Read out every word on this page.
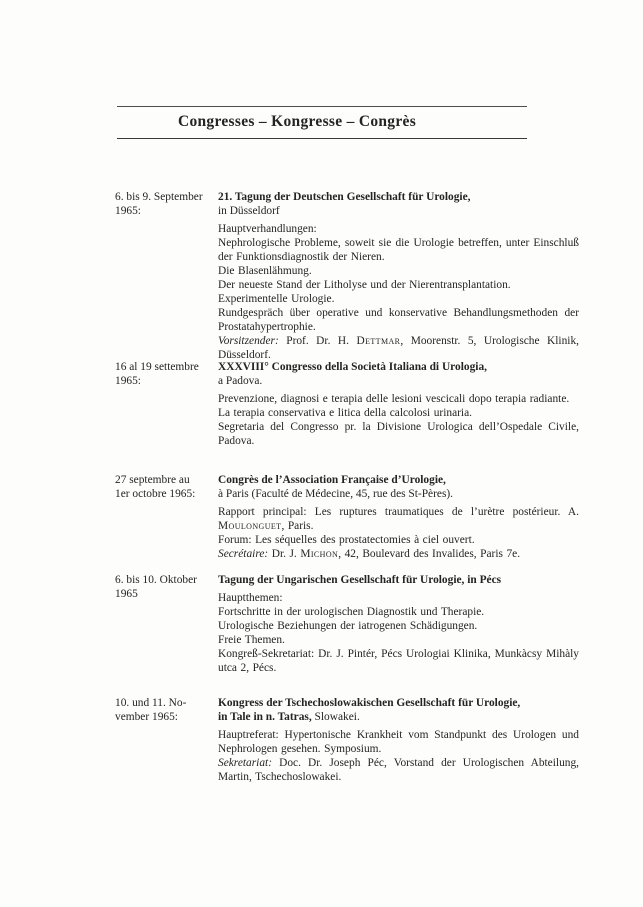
Congresses – Kongresse – Congrès
6. bis 9. September
1965:
21. Tagung der Deutschen Gesellschaft für Urologie,
in Düsseldorf
Hauptverhandlungen:
Nephrologische Probleme, soweit sie die Urologie betreffen, unter Einschluß der Funktionsdiagnostik der Nieren.
Die Blasenlähmung.
Der neueste Stand der Litholyse und der Nierentransplantation.
Experimentelle Urologie.
Rundgespräch über operative und konservative Behandlungsmethoden der Prostatahypertrophie.
Vorsitzender: Prof. Dr. H. Dettmar, Moorenstr. 5, Urologische Klinik, Düsseldorf.
16 al 19 settembre
1965:
XXXVIII° Congresso della Società Italiana di Urologia,
a Padova.
Prevenzione, diagnosi e terapia delle lesioni vescicali dopo terapia radiante.
La terapia conservativa e litica della calcolosi urinaria.
Segretaria del Congresso pr. la Divisione Urologica dell’Ospedale Civile, Padova.
27 septembre au
1er octobre 1965:
Congrès de l’Association Française d’Urologie,
à Paris (Faculté de Médecine, 45, rue des St-Pères).
Rapport principal: Les ruptures traumatiques de l’urètre postérieur. A. Moulonguet, Paris.
Forum: Les séquelles des prostatectomies à ciel ouvert.
Secrétaire: Dr. J. Michon, 42, Boulevard des Invalides, Paris 7e.
6. bis 10. Oktober
1965
Tagung der Ungarischen Gesellschaft für Urologie, in Pécs
Hauptthemen:
Fortschritte in der urologischen Diagnostik und Therapie.
Urologische Beziehungen der iatrogenen Schädigungen.
Freie Themen.
Kongreß-Sekretariat: Dr. J. Pintér, Pécs Urologiai Klinika, Munkàcsy Mihàly utca 2, Pécs.
10. und 11. No-
vember 1965:
Kongress der Tschechoslowakischen Gesellschaft für Urologie,
in Tale in n. Tatras, Slowakei.
Hauptreferat: Hypertonische Krankheit vom Standpunkt des Urologen und Nephrologen gesehen. Symposium.
Sekretariat: Doc. Dr. Joseph Péc, Vorstand der Urologischen Abteilung, Martin, Tschechoslowakei.
